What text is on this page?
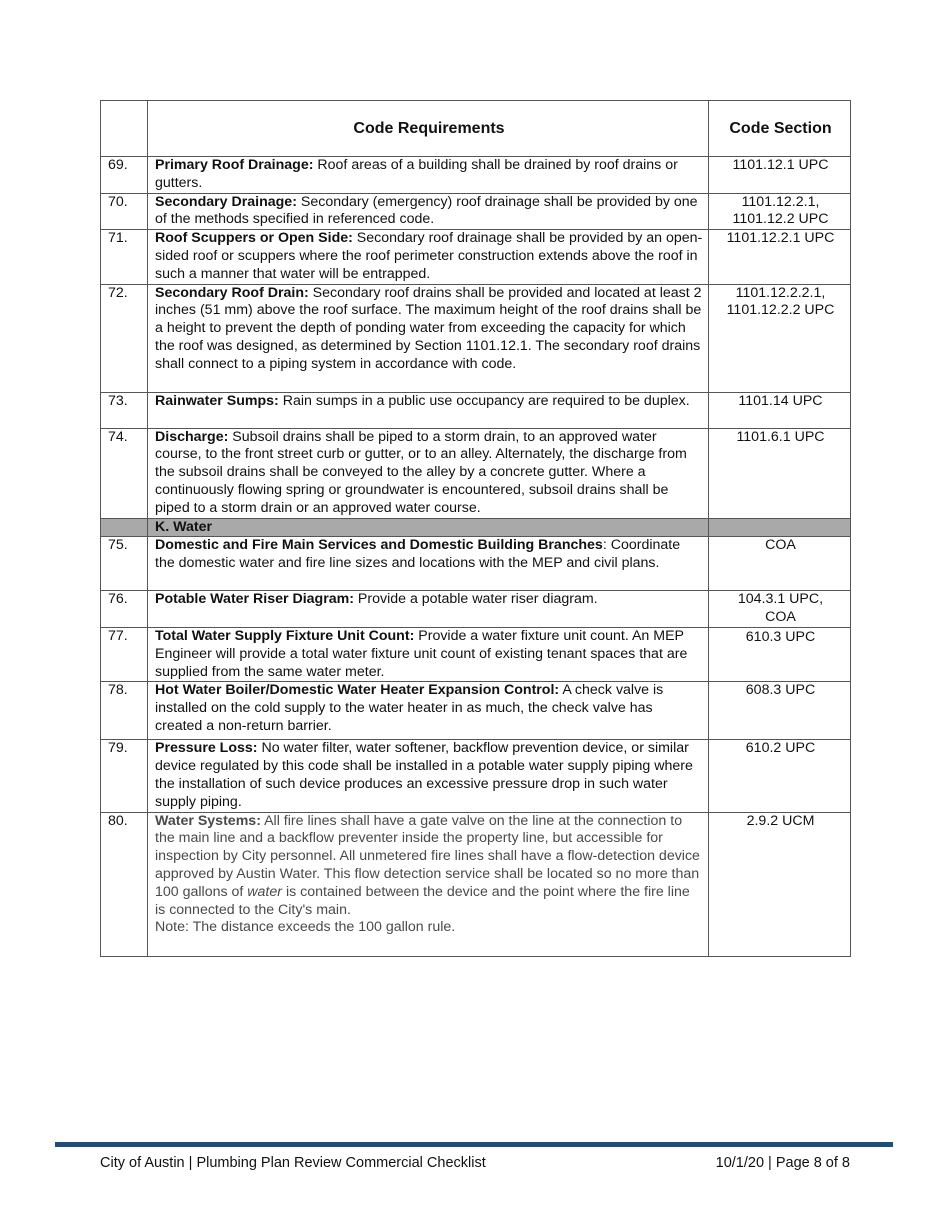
	Code Requirements	Code Section
69.	Primary Roof Drainage: Roof areas of a building shall be drained by roof drains or gutters.	1101.12.1 UPC
70.	Secondary Drainage: Secondary (emergency) roof drainage shall be provided by one of the methods specified in referenced code.	1101.12.2.1,
1101.12.2 UPC
71.	Roof Scuppers or Open Side: Secondary roof drainage shall be provided by an open-sided roof or scuppers where the roof perimeter construction extends above the roof in such a manner that water will be entrapped.	1101.12.2.1 UPC
72.	Secondary Roof Drain: Secondary roof drains shall be provided and located at least 2 inches (51 mm) above the roof surface. The maximum height of the roof drains shall be a height to prevent the depth of ponding water from exceeding the capacity for which the roof was designed, as determined by Section 1101.12.1. The secondary roof drains shall connect to a piping system in accordance with code.	1101.12.2.2.1,
1101.12.2.2 UPC
73.	Rainwater Sumps: Rain sumps in a public use occupancy are required to be duplex.	1101.14 UPC
74.	Discharge: Subsoil drains shall be piped to a storm drain, to an approved water course, to the front street curb or gutter, or to an alley. Alternately, the discharge from the subsoil drains shall be conveyed to the alley by a concrete gutter. Where a continuously flowing spring or groundwater is encountered, subsoil drains shall be piped to a storm drain or an approved water course.	1101.6.1 UPC
	K. Water	
75.	Domestic and Fire Main Services and Domestic Building Branches: Coordinate the domestic water and fire line sizes and locations with the MEP and civil plans.	COA
76.	Potable Water Riser Diagram: Provide a potable water riser diagram.	104.3.1 UPC,
COA
77.	Total Water Supply Fixture Unit Count: Provide a water fixture unit count. An MEP Engineer will provide a total water fixture unit count of existing tenant spaces that are supplied from the same water meter.	610.3 UPC
78.	Hot Water Boiler/Domestic Water Heater Expansion Control: A check valve is installed on the cold supply to the water heater in as much, the check valve has created a non-return barrier.	608.3 UPC
79.	Pressure Loss: No water filter, water softener, backflow prevention device, or similar device regulated by this code shall be installed in a potable water supply piping where the installation of such device produces an excessive pressure drop in such water supply piping.	610.2 UPC
80.	Water Systems: All fire lines shall have a gate valve on the line at the connection to the main line and a backflow preventer inside the property line, but accessible for inspection by City personnel. All unmetered fire lines shall have a flow-detection device approved by Austin Water. This flow detection service shall be located so no more than 100 gallons of water is contained between the device and the point where the fire line is connected to the City's main.
Note: The distance exceeds the 100 gallon rule.	2.9.2 UCM
City of Austin | Plumbing Plan Review Commercial Checklist	10/1/20 | Page 8 of 8
